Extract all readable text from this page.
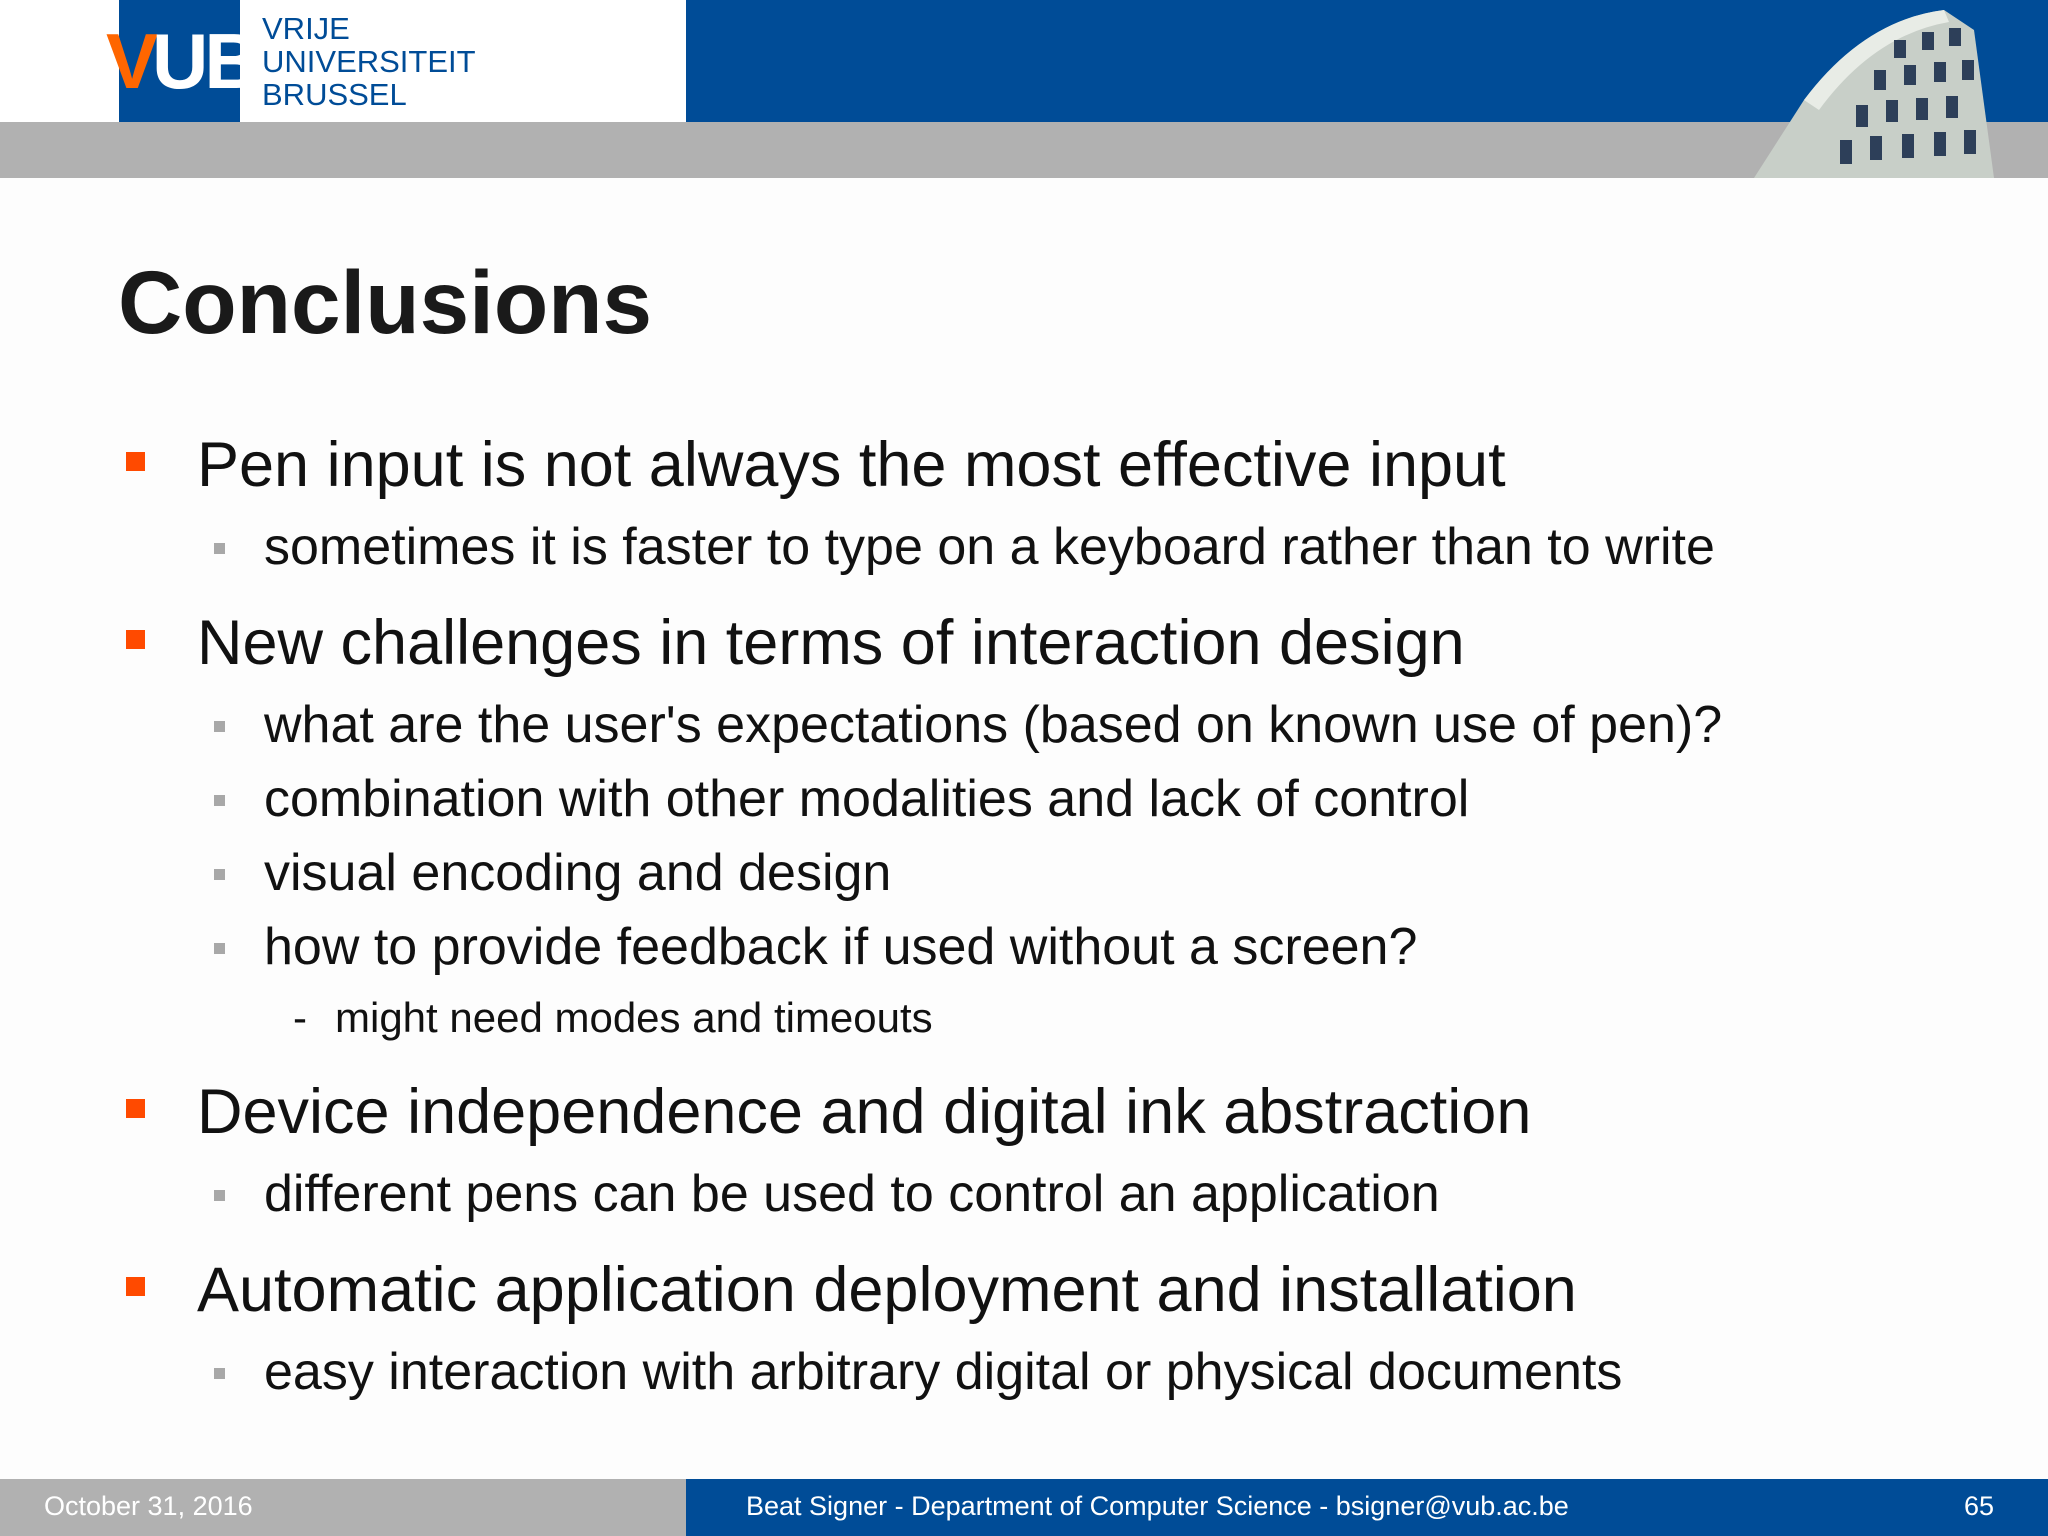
V
UB VRIJE
UNIVERSITEIT
BRUSSEL
Conclusions
Pen input is not always the most effective input
sometimes it is faster to type on a keyboard rather than to write
New challenges in terms of interaction design
what are the user's expectations (based on known use of pen)?
combination with other modalities and lack of control
visual encoding and design
how to provide feedback if used without a screen?
- might need modes and timeouts
Device independence and digital ink abstraction
different pens can be used to control an application
Automatic application deployment and installation
easy interaction with arbitrary digital or physical documents
October 31, 2016	Beat Signer - Department of Computer Science - bsigner@vub.ac.be	65
